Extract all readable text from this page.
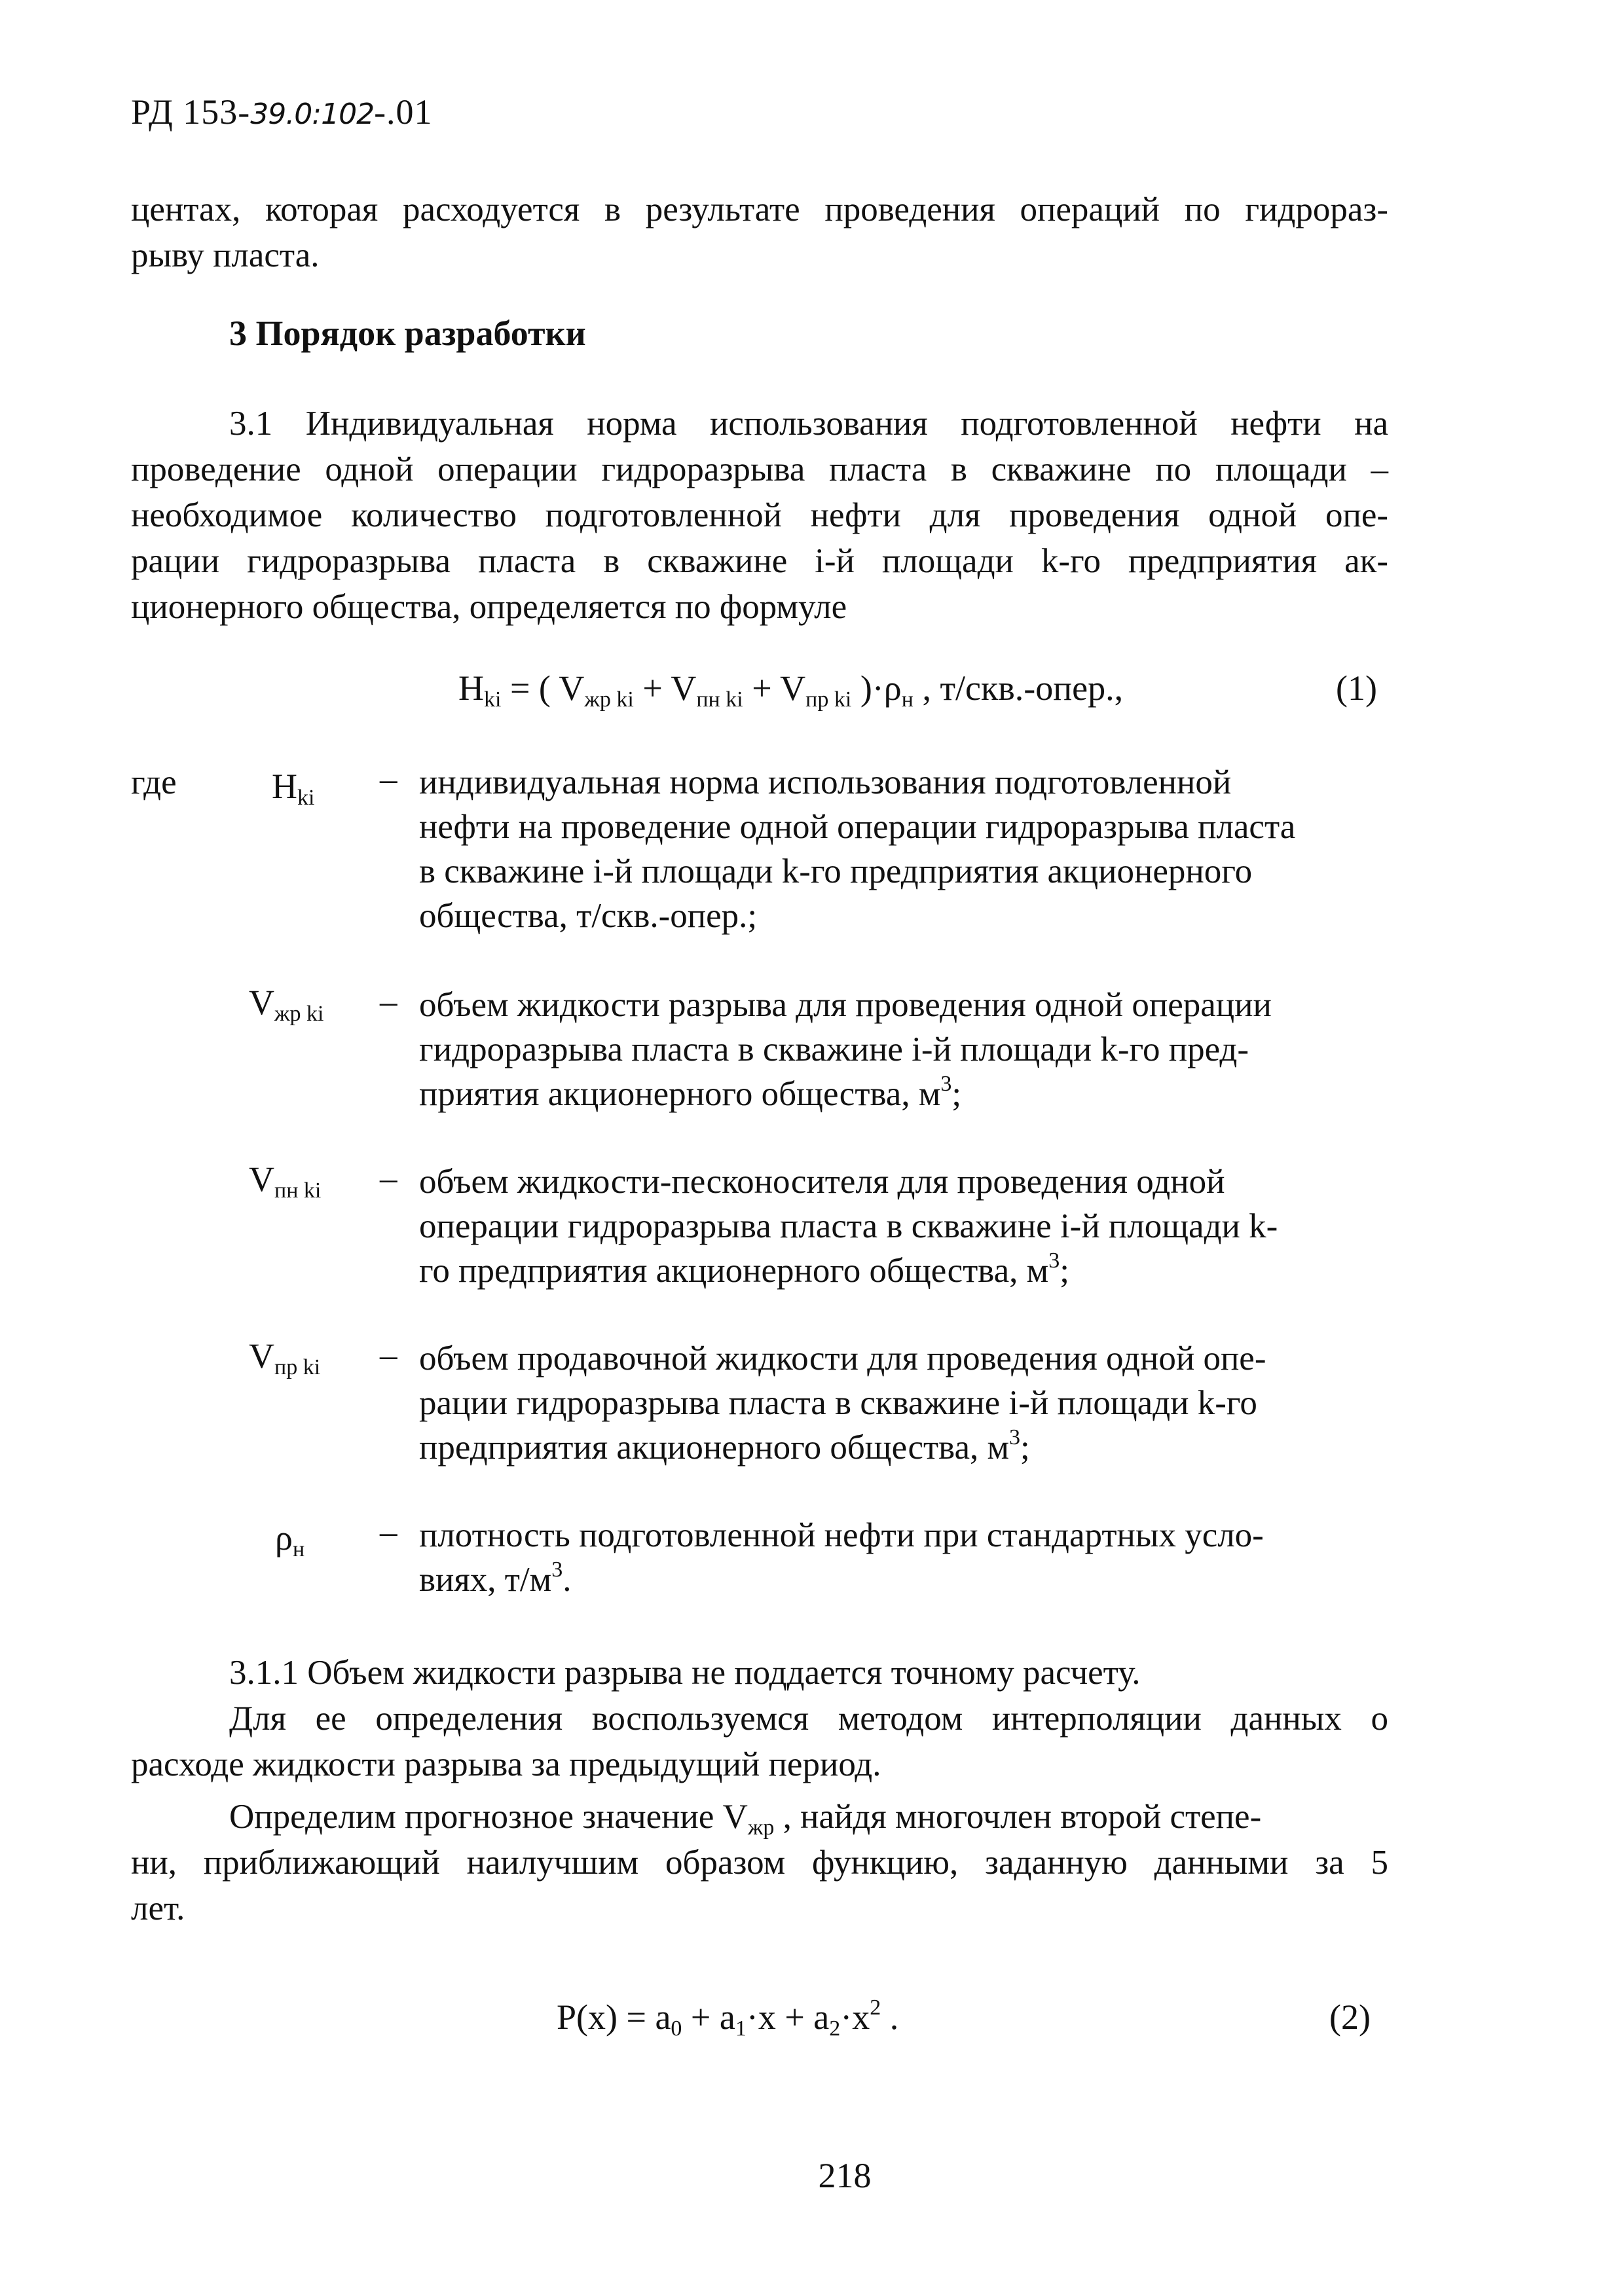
РД 153-39.0:102-.01
центах, которая расходуется в результате проведения операций по гидрораз-
рыву пласта.
3 Порядок разработки
3.1 Индивидуальная норма использования подготовленной нефти на
проведение одной операции гидроразрыва пласта в скважине по площади –
необходимое количество подготовленной нефти для проведения одной опе-
рации гидроразрыва пласта в скважине i-й площади k-го предприятия ак-
ционерного общества, определяется по формуле
$H_{ki}$ = ( $V_{жр ki} + V_{пн ki} + V_{пр ki}$ )$\cdot\rho_н$ , т/скв.-опер.,	(1)
где	$H_{ki}$ – индивидуальная норма использования подготовленной
нефти на проведение одной операции гидроразрыва пласта
в скважине i-й площади k-го предприятия акционерного
общества, т/скв.-опер.;
$V_{жр ki}$ – объем жидкости разрыва для проведения одной операции
гидроразрыва пласта в скважине i-й площади k-го пред-
приятия акционерного общества, $м^3$;
$V_{пн ki}$ – объем жидкости-песконосителя для проведения одной
операции гидроразрыва пласта в скважине i-й площади k-
го предприятия акционерного общества, $м^3$;
$V_{пр ki}$ – объем продавочной жидкости для проведения одной опе-
рации гидроразрыва пласта в скважине i-й площади k-го
предприятия акционерного общества, $м^3$;
$\rho_н$ – плотность подготовленной нефти при стандартных усло-
виях, $т/м^3$.
3.1.1 Объем жидкости разрыва не поддается точному расчету.
Для ее определения воспользуемся методом интерполяции данных о
расходе жидкости разрыва за предыдущий период.
Определим прогнозное значение $V_{жр}$ , найдя многочлен второй степе-
ни, приближающий наилучшим образом функцию, заданную данными за 5
лет.
$P(x) = a_0 + a_1\cdot x + a_2\cdot x^2$ .	(2)
218
